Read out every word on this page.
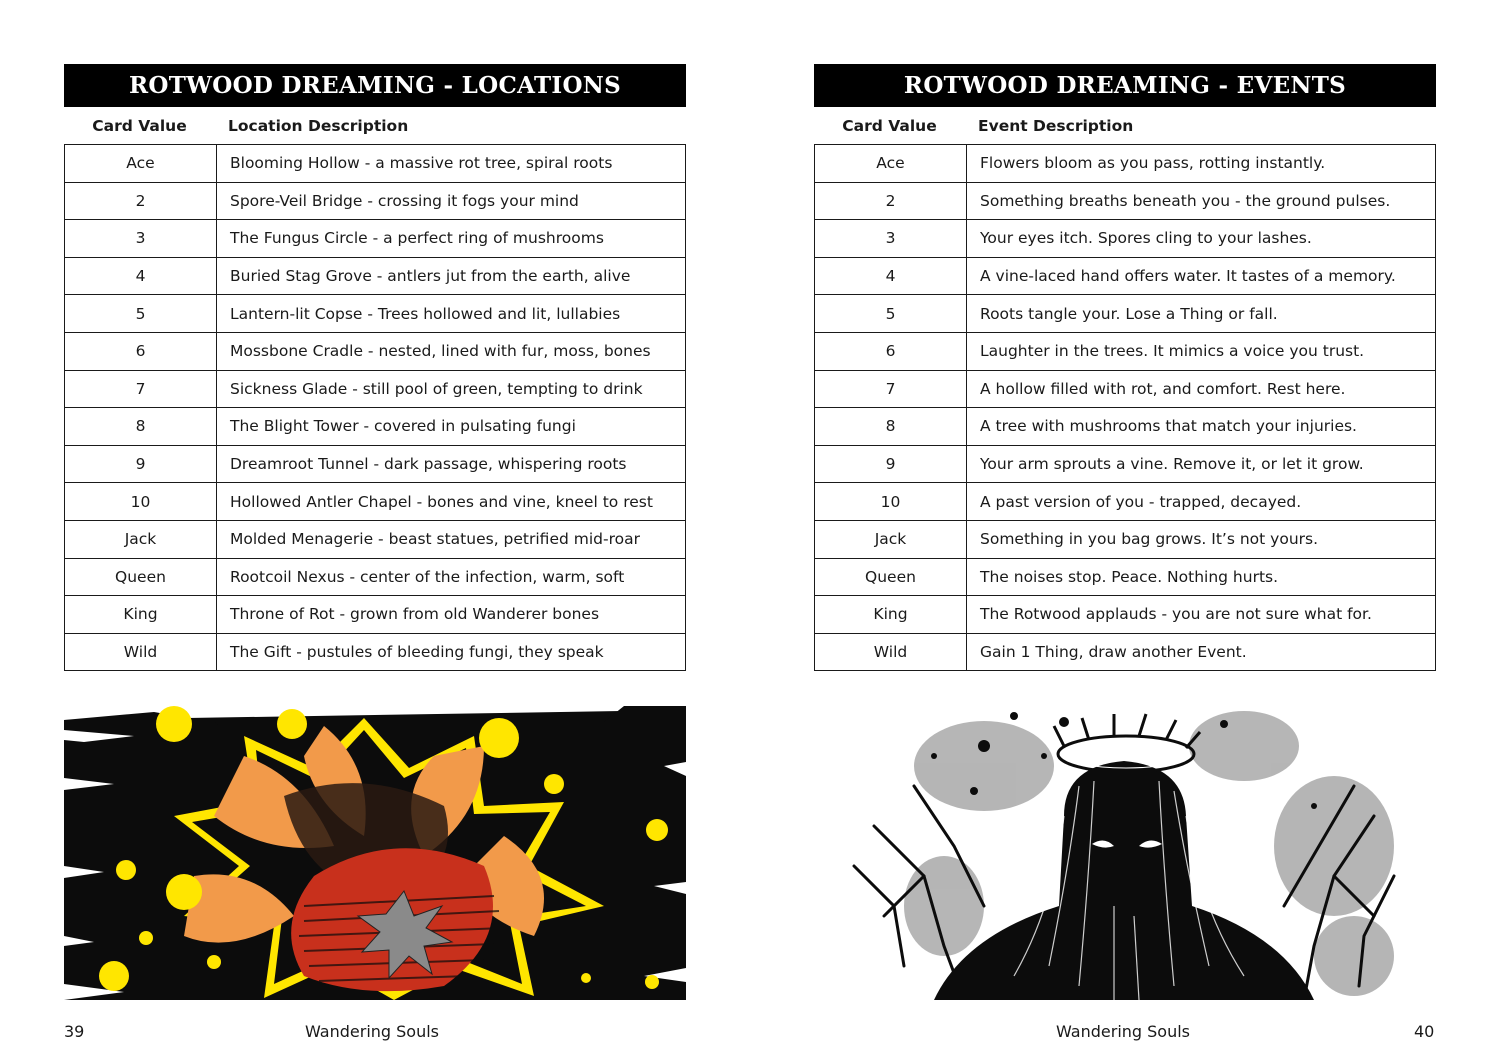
ROTWOOD DREAMING - LOCATIONS
Card Value	Location Description
Ace	Blooming Hollow - a massive rot tree, spiral roots
2	Spore-Veil Bridge - crossing it fogs your mind
3	The Fungus Circle - a perfect ring of mushrooms
4	Buried Stag Grove - antlers jut from the earth, alive
5	Lantern-lit Copse - Trees hollowed and lit, lullabies
6	Mossbone Cradle - nested, lined with fur, moss, bones
7	Sickness Glade - still pool of green, tempting to drink
8	The Blight Tower - covered in pulsating fungi
9	Dreamroot Tunnel - dark passage, whispering roots
10	Hollowed Antler Chapel - bones and vine, kneel to rest
Jack	Molded Menagerie - beast statues, petrified mid-roar
Queen	Rootcoil Nexus - center of the infection, warm, soft
King	Throne of Rot - grown from old Wanderer bones
Wild	The Gift - pustules of bleeding fungi, they speak
39	Wandering Souls
ROTWOOD DREAMING - EVENTS
Card Value	Event Description
Ace	Flowers bloom as you pass, rotting instantly.
2	Something breaths beneath you - the ground pulses.
3	Your eyes itch. Spores cling to your lashes.
4	A vine-laced hand offers water. It tastes of a memory.
5	Roots tangle your. Lose a Thing or fall.
6	Laughter in the trees. It mimics a voice you trust.
7	A hollow filled with rot, and comfort. Rest here.
8	A tree with mushrooms that match your injuries.
9	Your arm sprouts a vine. Remove it, or let it grow.
10	A past version of you - trapped, decayed.
Jack	Something in you bag grows. It’s not yours.
Queen	The noises stop. Peace. Nothing hurts.
King	The Rotwood applauds - you are not sure what for.
Wild	Gain 1 Thing, draw another Event.
Wandering Souls	40
